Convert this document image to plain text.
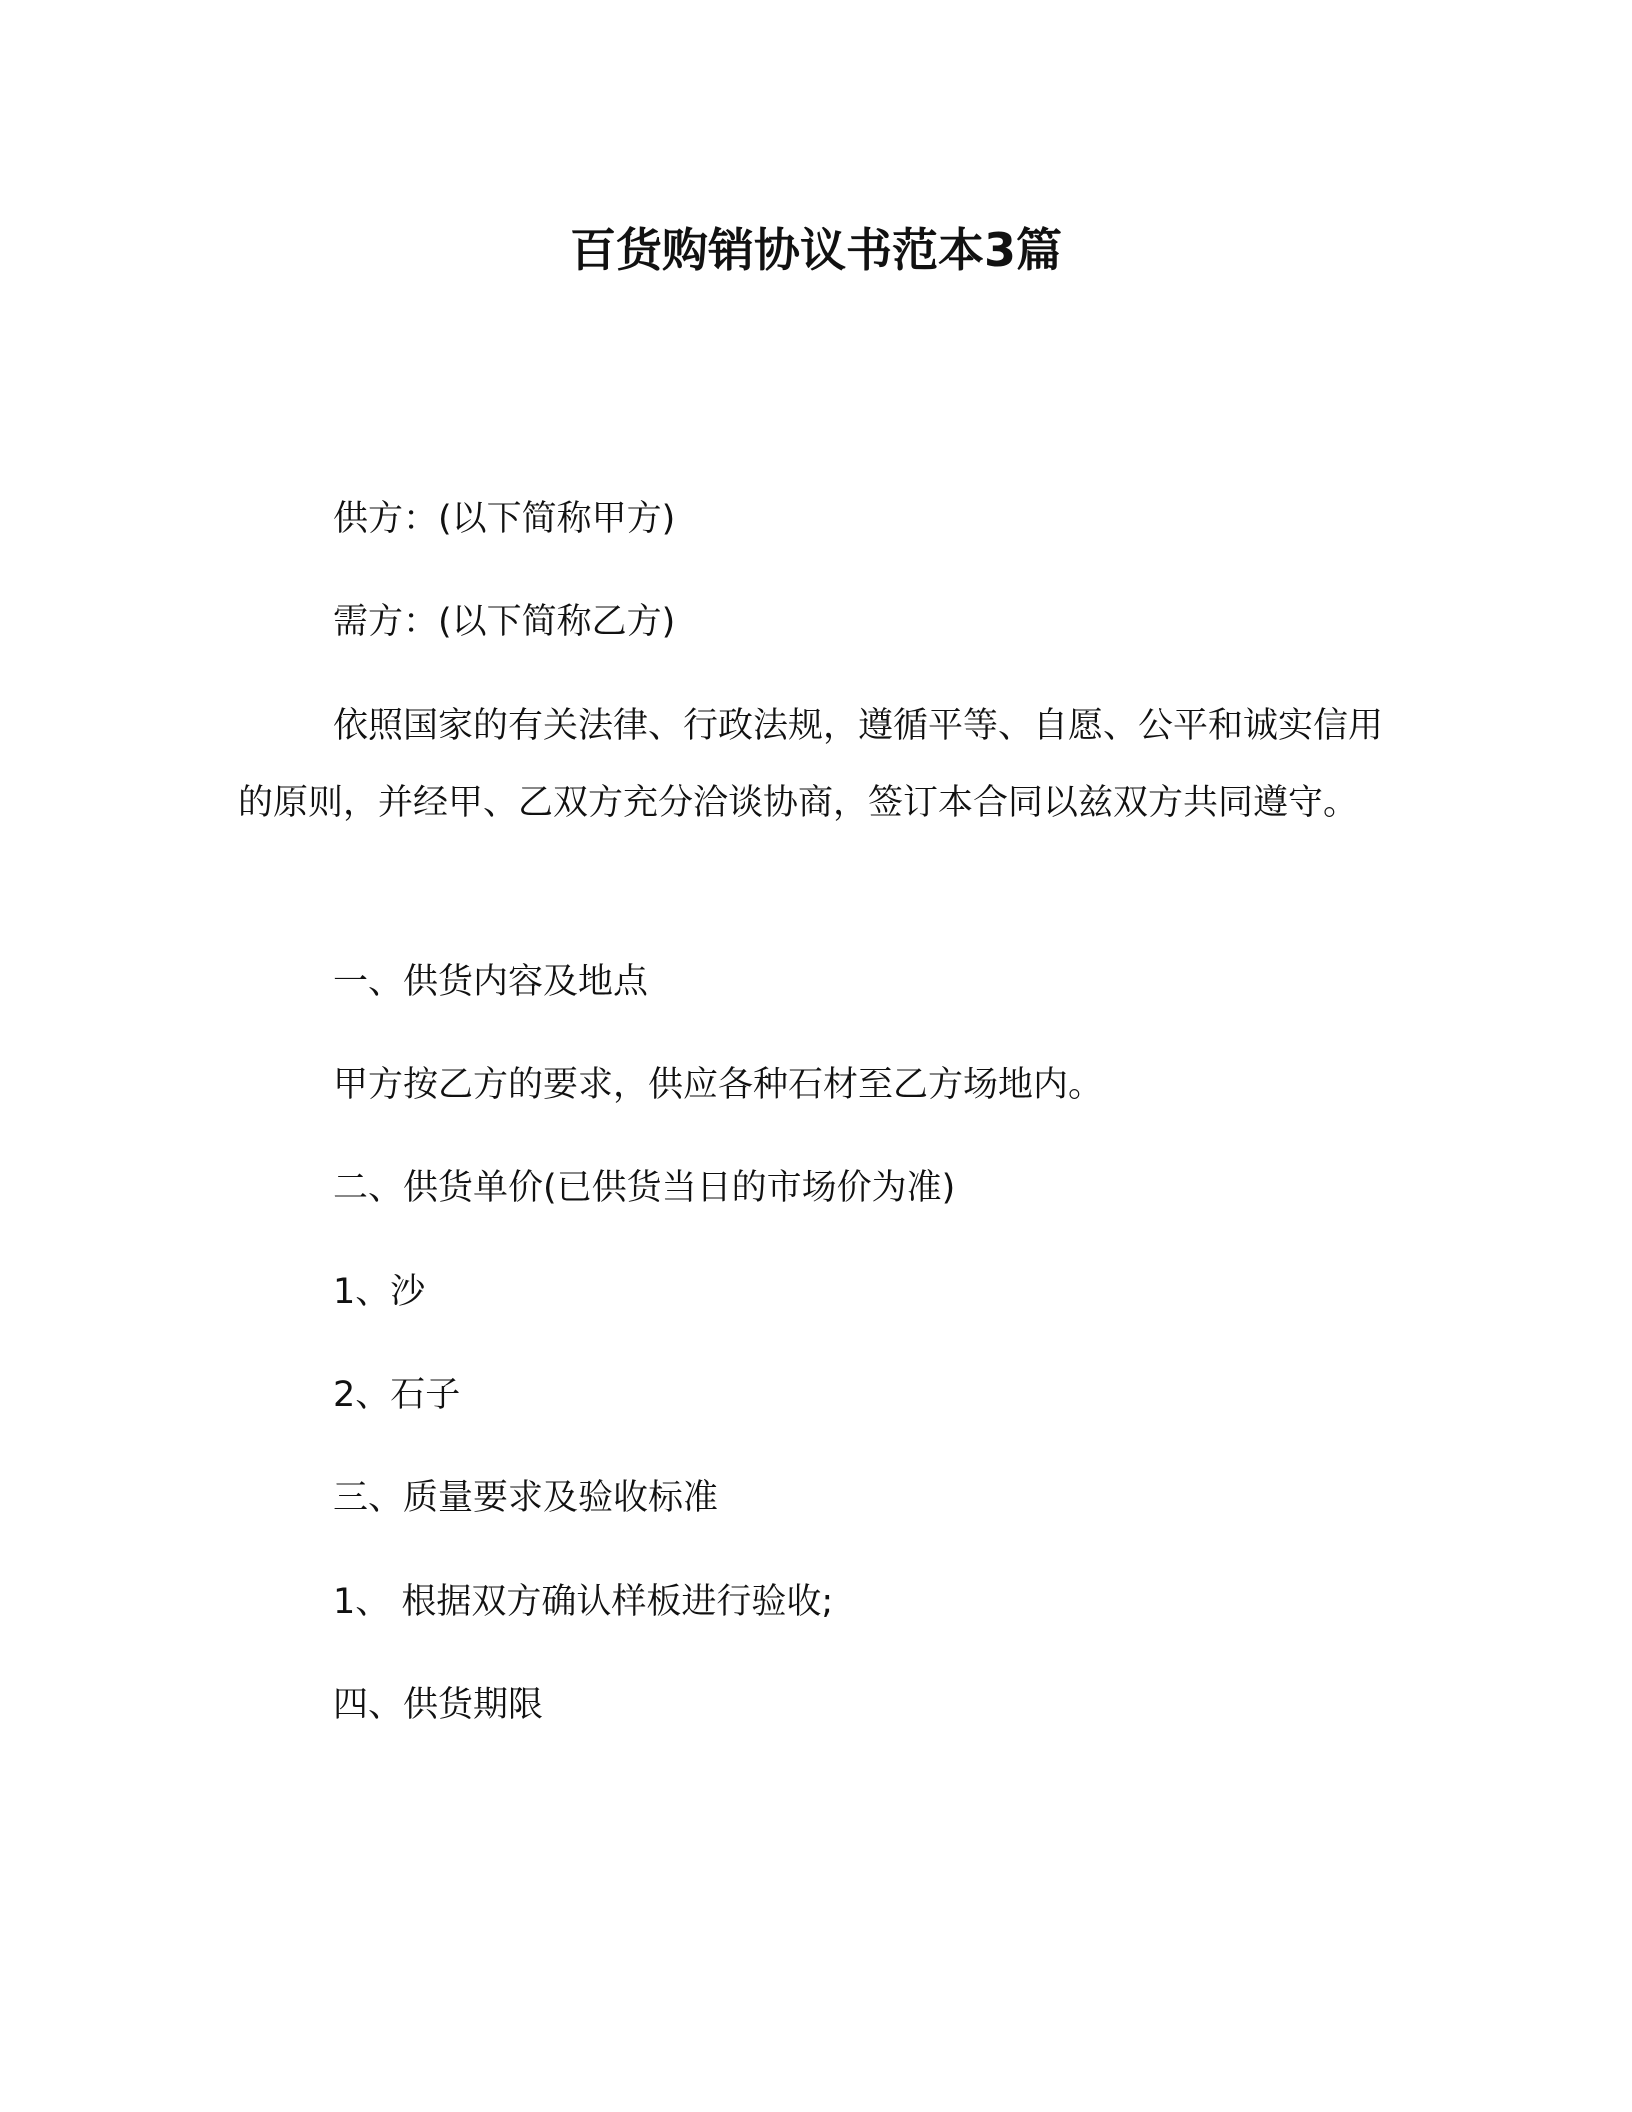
百货购销协议书范本3篇
供方：(以下简称甲方)
需方：(以下简称乙方)
依照国家的有关法律、行政法规，遵循平等、自愿、公平和诚实信用的原则，并经甲、乙双方充分洽谈协商，签订本合同以兹双方共同遵守。
一、供货内容及地点
甲方按乙方的要求，供应各种石材至乙方场地内。
二、供货单价(已供货当日的市场价为准)
1、沙
2、石子
三、质量要求及验收标准
1、 根据双方确认样板进行验收;
四、供货期限
